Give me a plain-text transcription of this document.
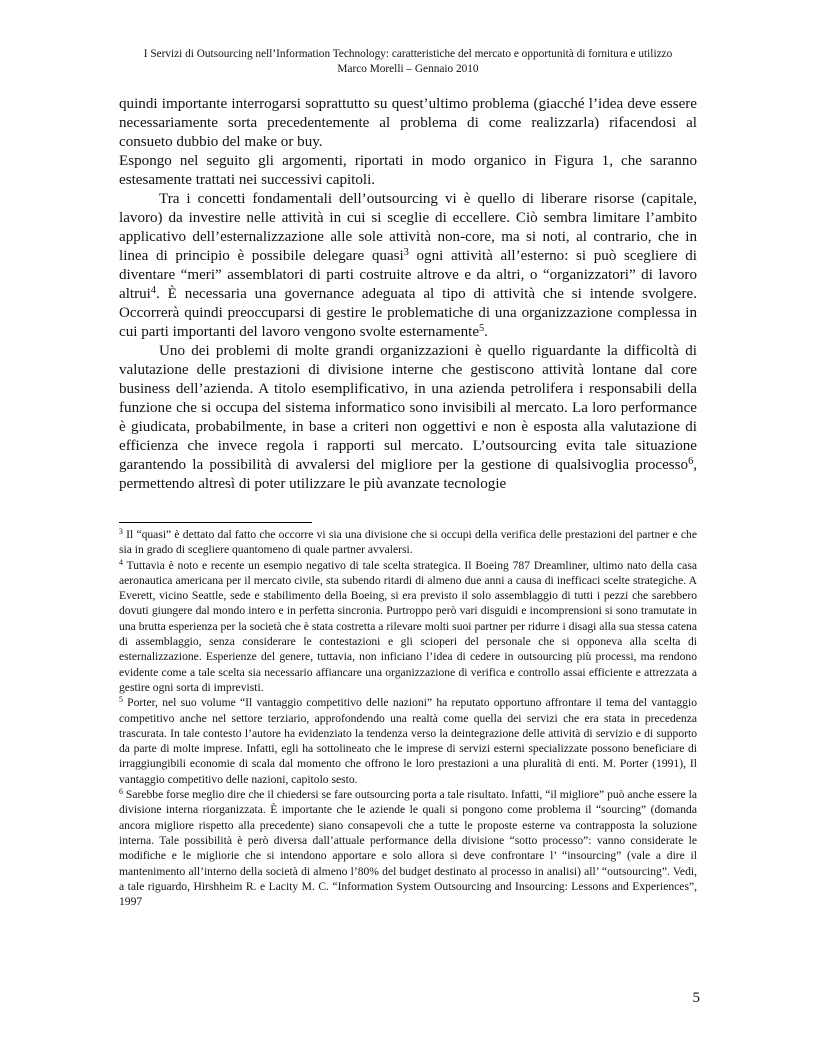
I Servizi di Outsourcing nell’Information Technology: caratteristiche del mercato e opportunità di fornitura e utilizzo
Marco Morelli – Gennaio 2010

quindi importante interrogarsi soprattutto su quest’ultimo problema (giacché l’idea deve essere necessariamente sorta precedentemente al problema di come realizzarla) rifacendosi al consueto dubbio del make or buy.

Espongo nel seguito gli argomenti, riportati in modo organico in Figura 1, che saranno estesamente trattati nei successivi capitoli.

Tra i concetti fondamentali dell’outsourcing vi è quello di liberare risorse (capitale, lavoro) da investire nelle attività in cui si sceglie di eccellere. Ciò sembra limitare l’ambito applicativo dell’esternalizzazione alle sole attività non-core, ma si noti, al contrario, che in linea di principio è possibile delegare quasi$^3$ ogni attività all’esterno: si può scegliere di diventare “meri” assemblatori di parti costruite altrove e da altri, o “organizzatori” di lavoro altrui$^4$. È necessaria una governance adeguata al tipo di attività che si intende svolgere. Occorrerà quindi preoccuparsi di gestire le problematiche di una organizzazione complessa in cui parti importanti del lavoro vengono svolte esternamente$^5$.

Uno dei problemi di molte grandi organizzazioni è quello riguardante la difficoltà di valutazione delle prestazioni di divisione interne che gestiscono attività lontane dal core business dell’azienda. A titolo esemplificativo, in una azienda petrolifera i responsabili della funzione che si occupa del sistema informatico sono invisibili al mercato. La loro performance è giudicata, probabilmente, in base a criteri non oggettivi e non è esposta alla valutazione di efficienza che invece regola i rapporti sul mercato. L’outsourcing evita tale situazione garantendo la possibilità di avvalersi del migliore per la gestione di qualsivoglia processo$^6$, permettendo altresì di poter utilizzare le più avanzate tecnologie

$^3$ Il “quasi” è dettato dal fatto che occorre vi sia una divisione che si occupi della verifica delle prestazioni del partner e che sia in grado di scegliere quantomeno di quale partner avvalersi.

$^4$ Tuttavia è noto e recente un esempio negativo di tale scelta strategica. Il Boeing 787 Dreamliner, ultimo nato della casa aeronautica americana per il mercato civile, sta subendo ritardi di almeno due anni a causa di inefficaci scelte strategiche. A Everett, vicino Seattle, sede e stabilimento della Boeing, si era previsto il solo assemblaggio di tutti i pezzi che sarebbero dovuti giungere dal mondo intero e in perfetta sincronia. Purtroppo però vari disguidi e incomprensioni si sono tramutate in una brutta esperienza per la società che è stata costretta a rilevare molti suoi partner per ridurre i disagi alla sua stessa catena di assemblaggio, senza considerare le contestazioni e gli scioperi del personale che si opponeva alla scelta di esternalizzazione. Esperienze del genere, tuttavia, non inficiano l’idea di cedere in outsourcing più processi, ma rendono evidente come a tale scelta sia necessario affiancare una organizzazione di verifica e controllo assai efficiente e attrezzata a gestire ogni sorta di imprevisti.

$^5$ Porter, nel suo volume “Il vantaggio competitivo delle nazioni” ha reputato opportuno affrontare il tema del vantaggio competitivo anche nel settore terziario, approfondendo una realtà come quella dei servizi che era stata in precedenza trascurata. In tale contesto l’autore ha evidenziato la tendenza verso la deintegrazione delle attività di servizio e di supporto da parte di molte imprese. Infatti, egli ha sottolineato che le imprese di servizi esterni specializzate possono beneficiare di irraggiungibili economie di scala dal momento che offrono le loro prestazioni a una pluralità di enti. M. Porter (1991), Il vantaggio competitivo delle nazioni, capitolo sesto.

$^6$ Sarebbe forse meglio dire che il chiedersi se fare outsourcing porta a tale risultato. Infatti, “il migliore” può anche essere la divisione interna riorganizzata. È importante che le aziende le quali si pongono come problema il “sourcing” (domanda ancora migliore rispetto alla precedente) siano consapevoli che a tutte le proposte esterne va contrapposta la soluzione interna. Tale possibilità è però diversa dall’attuale performance della divisione “sotto processo”: vanno considerate le modifiche e le migliorie che si intendono apportare e solo allora si deve confrontare l’ “insourcing” (vale a dire il mantenimento all’interno della società di almeno l’80% del budget destinato al processo in analisi) all’ “outsourcing”. Vedi, a tale riguardo, Hirshheim R. e Lacity M. C. “Information System Outsourcing and Insourcing: Lessons and Experiences”, 1997

5
